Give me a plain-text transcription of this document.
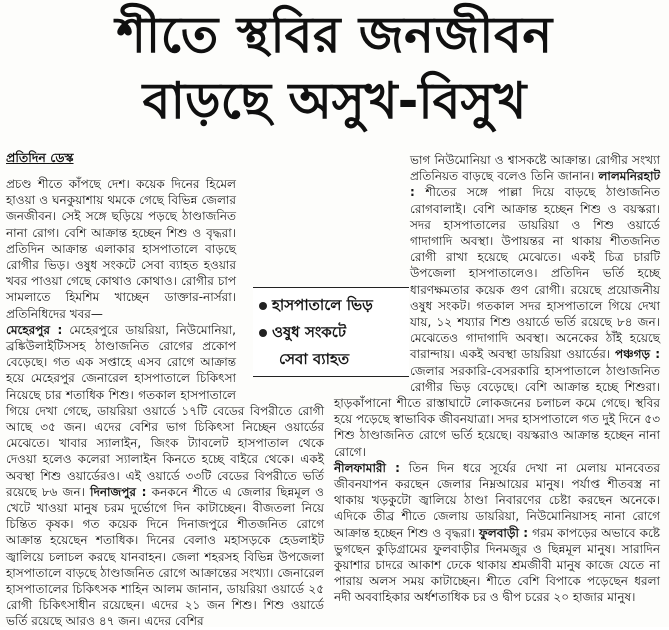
শীতে স্থবির জনজীবন
বাড়ছে অসুখ-বিসুখ
প্রতিদিন ডেস্ক

প্রচণ্ড শীতে কাঁপছে দেশ। কয়েক দিনের হিমেল হাওয়া ও ঘনকুয়াশায় থমকে গেছে বিভিন্ন জেলার জনজীবন। সেই সঙ্গে ছড়িয়ে পড়ছে ঠাণ্ডাজনিত নানা রোগ। বেশি আক্রান্ত হচ্ছেন শিশু ও বৃদ্ধরা। প্রতিদিন আক্রান্ত এলাকার হাসপাতালে বাড়ছে রোগীর ভিড়। ওষুধ সংকটে সেবা ব্যাহত হওয়ার খবর পাওয়া গেছে কোথাও কোথাও। রোগীর চাপ সামলাতে হিমশিম খাচ্ছেন ডাক্তার-নার্সরা। প্রতিনিধিদের খবর—

মেহেরপুর : মেহেরপুরে ডায়রিয়া, নিউমোনিয়া, ব্রঙ্কিউলাইটিসসহ ঠাণ্ডাজনিত রোগের প্রকোপ বেড়েছে। গত এক সপ্তাহে এসব রোগে আক্রান্ত হয়ে মেহেরপুর জেনারেল হাসপাতালে চিকিৎসা নিয়েছে চার শতাধিক শিশু। গতকাল হাসপাতালে গিয়ে দেখা গেছে, ডায়রিয়া ওয়ার্ডে ১৭টি বেডের বিপরীতে রোগী আছে ৩৫ জন। এদের বেশির ভাগ চিকিৎসা নিচ্ছেন ওয়ার্ডের মেঝেতে। খাবার স্যালাইন, জিংক ট্যাবলেট হাসপাতাল থেকে দেওয়া হলেও কলেরা স্যালাইন কিনতে হচ্ছে বাইরে থেকে। একই অবস্থা শিশু ওয়ার্ডেরও। এই ওয়ার্ডে ৩৩টি বেডের বিপরীতে ভর্তি রয়েছে ৮৬ জন। দিনাজপুর : কনকনে শীতে এ জেলার ছিন্নমূল ও খেটে খাওয়া মানুষ চরম দুর্ভোগে দিন কাটাচ্ছেন। বীজতলা নিয়ে চিন্তিত কৃষক। গত কয়েক দিনে দিনাজপুরে শীতজনিত রোগে আক্রান্ত হয়েছেন শতাধিক। দিনের বেলাও মহাসড়কে হেডলাইট জ্বালিয়ে চলাচল করছে যানবাহন। জেলা শহরসহ বিভিন্ন উপজেলা হাসপাতালে বাড়ছে ঠাণ্ডাজনিত রোগে আক্রান্তের সংখ্যা। জেনারেল হাসপাতালের চিকিৎসক শাহিন আলম জানান, ডায়রিয়া ওয়ার্ডে ২৫ রোগী চিকিৎসাধীন রয়েছেন। এদের ২১ জন শিশু। শিশু ওয়ার্ডে ভর্তি রয়েছে আরও ৪৭ জন। এদের বেশির

ভাগ নিউমোনিয়া ও শ্বাসকষ্টে আক্রান্ত। রোগীর সংখ্যা প্রতিনিয়ত বাড়ছে বলেও তিনি জানান। লালমনিরহাট : শীতের সঙ্গে পাল্লা দিয়ে বাড়ছে ঠাণ্ডাজনিত রোগবালাই। বেশি আক্রান্ত হচ্ছেন শিশু ও বয়স্করা। সদর হাসপাতালের ডায়রিয়া ও শিশু ওয়ার্ডে গাদাগাদি অবস্থা। উপায়ন্তর না থাকায় শীতজনিত রোগী রাখা হয়েছে মেঝেতে। একই চিত্র চারটি উপজেলা হাসপাতালেও। প্রতিদিন ভর্তি হচ্ছে ধারণক্ষমতার কয়েক গুণ রোগী। রয়েছে প্রয়োজনীয় ওষুধ সংকট। গতকাল সদর হাসপাতালে গিয়ে দেখা যায়, ১২ শয্যার শিশু ওয়ার্ডে ভর্তি রয়েছে ৮৪ জন। মেঝেতেও গাদাগাদি অবস্থা। অনেকের ঠাঁই হয়েছে বারান্দায়। একই অবস্থা ডায়রিয়া ওয়ার্ডের। পঞ্চগড় : জেলার সরকারি-বেসরকারি হাসপাতালে ঠাণ্ডাজনিত রোগীর ভিড় বেড়েছে। বেশি আক্রান্ত হচ্ছে শিশুরা। হাড়কাঁপানো শীতে রাস্তাঘাটে লোকজনের চলাচল কমে গেছে। স্থবির হয়ে পড়েছে স্বাভাবিক জীবনযাত্রা। সদর হাসপাতালে গত দুই দিনে ৫৩ শিশু ঠাণ্ডাজনিত রোগে ভর্তি হয়েছে। বয়স্করাও আক্রান্ত হচ্ছেন নানা রোগে।

নীলফামারী : তিন দিন ধরে সূর্যের দেখা না মেলায় মানবেতর জীবনযাপন করছেন জেলার নিম্নআয়ের মানুষ। পর্যাপ্ত শীতবস্ত্র না থাকায় খড়কুটো জ্বালিয়ে ঠাণ্ডা নিবারণের চেষ্টা করছেন অনেকে। এদিকে তীব্র শীতে জেলায় ডায়রিয়া, নিউমোনিয়াসহ নানা রোগে আক্রান্ত হচ্ছেন শিশু ও বৃদ্ধরা। ফুলবাড়ী : গরম কাপড়ের অভাবে কষ্টে ভুগছেন কুড়িগ্রামের ফুলবাড়ীর দিনমজুর ও ছিন্নমূল মানুষ। সারাদিন কুয়াশার চাদরে আকাশ ঢেকে থাকায় শ্রমজীবী মানুষ কাজে যেতে না পারায় অলস সময় কাটাচ্ছেন। শীতে বেশি বিপাকে পড়েছেন ধরলা নদী অববাহিকার অর্ধশতাধিক চর ও দ্বীপ চরের ২০ হাজার মানুষ।

হাসপাতালে ভিড়
ওষুধ সংকটে
সেবা ব্যাহত
